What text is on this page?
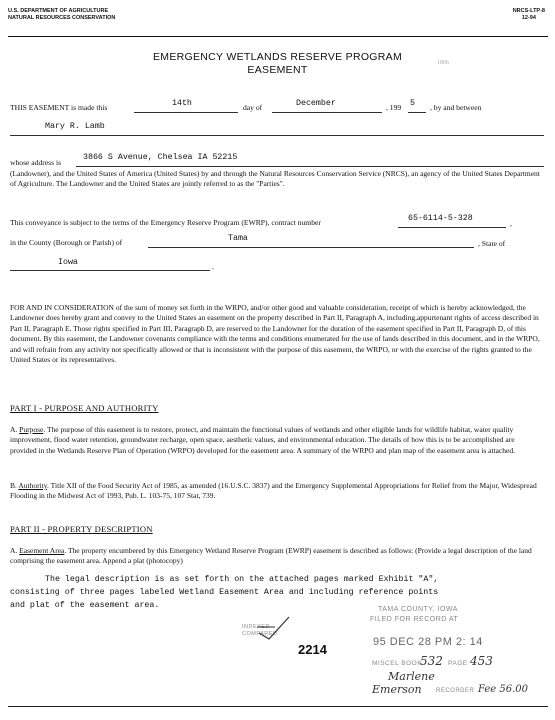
U.S. DEPARTMENT OF AGRICULTURE
NATURAL RESOURCES CONSERVATION
NRCS-LTP-8
12-94
EMERGENCY WETLANDS RESERVE PROGRAM
EASEMENT
1006
THIS EASEMENT is made this	14th	day of	December	, 199 5 , by and between
Mary R. Lamb
whose address is
3866 S Avenue, Chelsea IA 52215
(Landowner), and the United States of America (United States) by and through the Natural Resources Conservation Service (NRCS), an agency of the United States Department of Agriculture. The Landowner and the United States are jointly referred to as the "Parties".
This conveyance is subject to the terms of the Emergency Reserve Program (EWRP), contract number	65-6114-5-328
,
in the County (Borough or Parish) of	Tama
, State of
Iowa	.
FOR AND IN CONSIDERATION of the sum of money set forth in the WRPO, and/or other good and valuable consideration, receipt of which is hereby acknowledged, the Landowner does hereby grant and convey to the United States an easement on the property described in Part II, Paragraph A, including,appurtenant rights of access described in Part II, Paragraph E. Those rights specified in Part III, Paragraph D, are reserved to the Landowner for the duration of the easement specified in Part II, Paragraph D, of this document. By this easement, the Landowner covenants compliance with the terms and conditions enumerated for the use of lands described in this document, and in the WRPO, and will refrain from any activity not specifically allowed or that is inconsistent with the purpose of this easement, the WRPO, or with the exercise of the rights granted to the United States or its representatives.
PART I - PURPOSE AND AUTHORITY
A. Purpose. The purpose of this easement is to restore, protect, and maintain the functional values of wetlands and other eligible lands for wildlife habitat, water quality improvement, flood water retention, groundwater recharge, open space, aesthetic values, and environmental education. The details of how this is to be accomplished are provided in the Wetlands Reserve Plan of Operation (WRPO) developed for the easement area. A summary of the WRPO and plan map of the easement area is attached.
B. Authority. Title XII of the Food Security Act of 1985, as amended (16.U.S.C. 3837) and the Emergency Supplemental Appropriations for Relief from the Major, Widespread Flooding in the Midwest Act of 1993, Pub. L. 103-75, 107 Stat, 739.
PART II - PROPERTY DESCRIPTION
A. Easement Area. The property encumbered by this Emergency Wetland Reserve Program (EWRP) easement is described as follows: (Provide a legal description of the land comprising the easement area. Append a plat (photocopy)
The legal description is as set forth on the attached pages marked Exhibit "A",
consisting of three pages labeled Wetland Easement Area and including reference points
and plat of the easement area.	TAMA COUNTY, IOWA
FILED FOR RECORD AT
INDEXED
COMPARED
2214	95 DEC 28 PM 2: 14
MISCEL BOOK
532 PAGE 453
Marlene
Emerson RECORDER Fee 56.00
